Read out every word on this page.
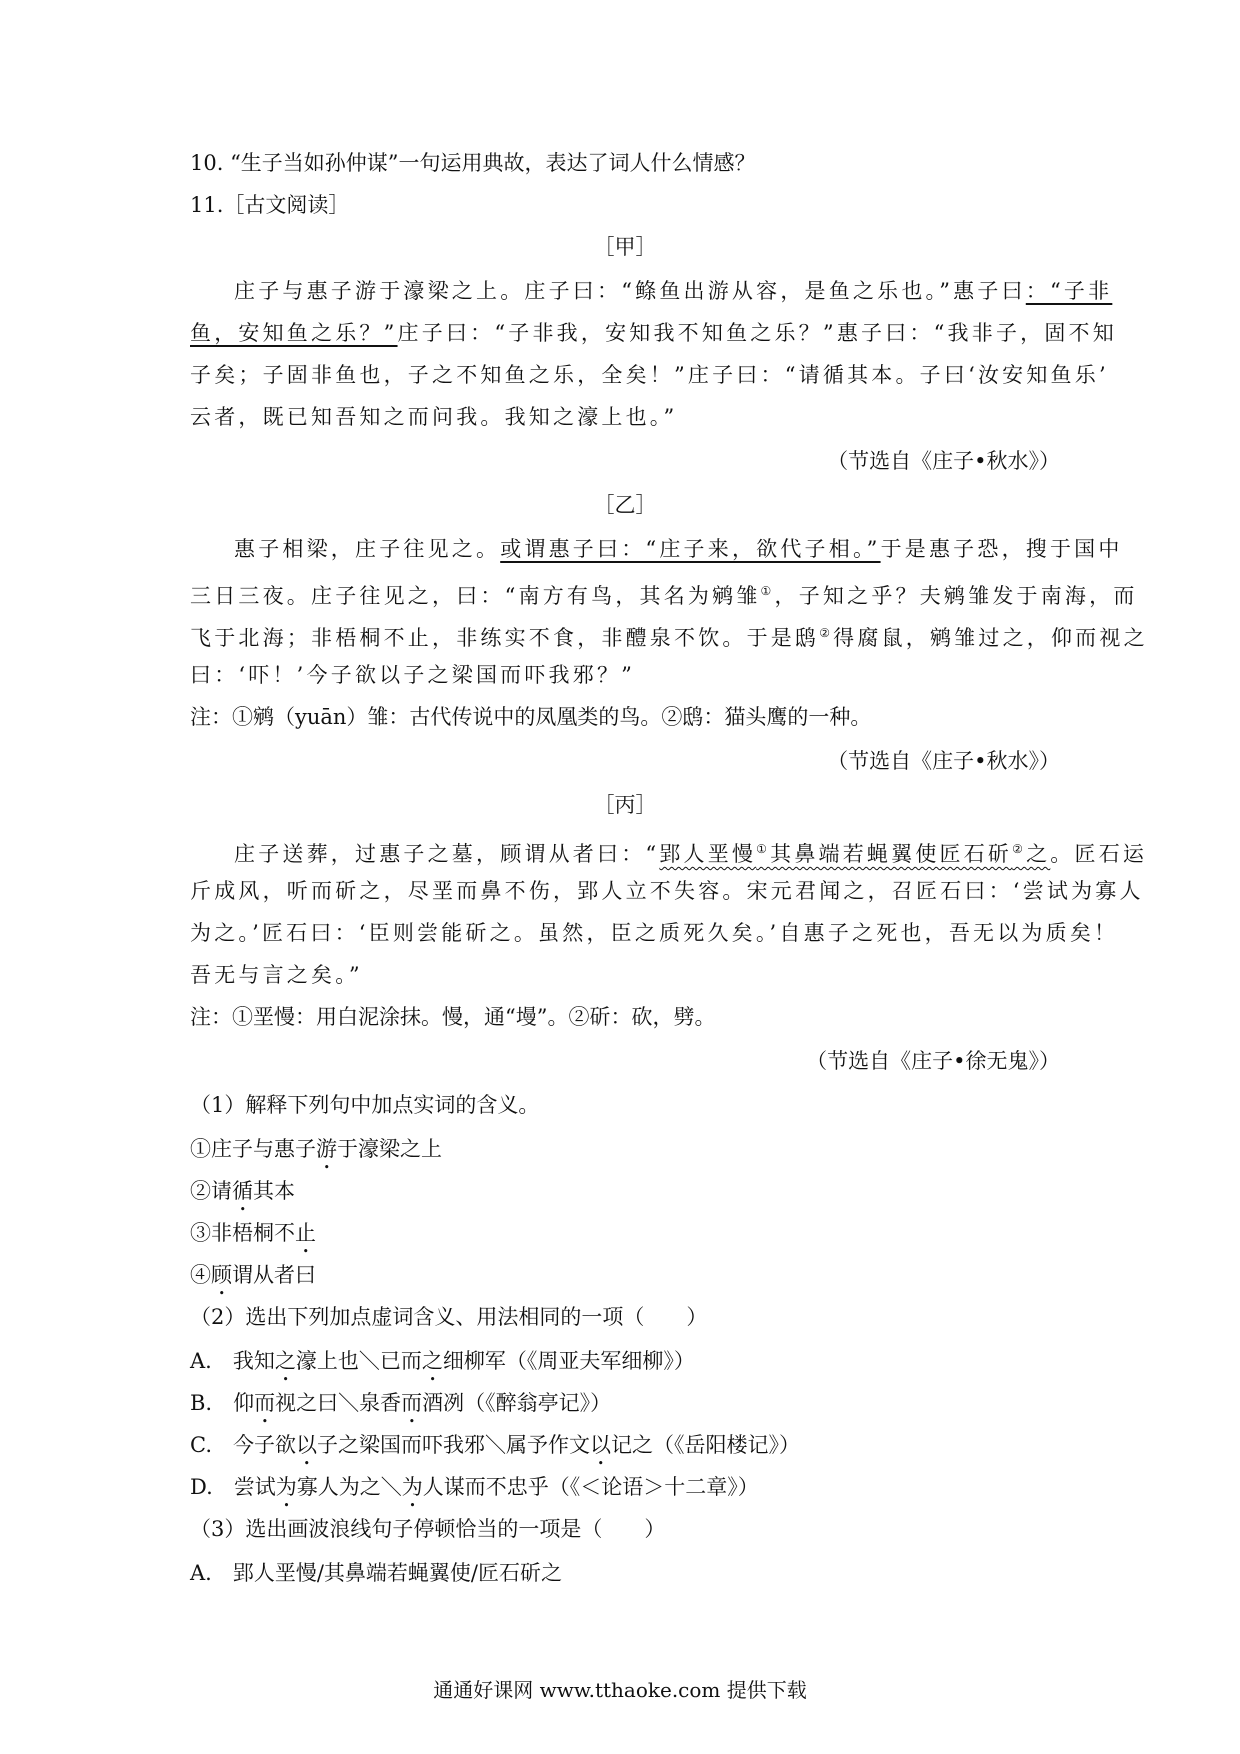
10. “生子当如孙仲谋”一句运用典故，表达了词人什么情感？
11.［古文阅读］
［甲］
庄子与惠子游于濠梁之上。庄子曰：“鲦鱼出游从容，是鱼之乐也。”惠子曰：“子非
鱼，安知鱼之乐？”庄子曰：“子非我，安知我不知鱼之乐？”惠子曰：“我非子，固不知
子矣；子固非鱼也，子之不知鱼之乐，全矣！”庄子曰：“请循其本。子曰‘汝安知鱼乐’
云者，既已知吾知之而问我。我知之濠上也。”
（节选自《庄子•秋水》）
［乙］
惠子相梁，庄子往见之。或谓惠子曰：“庄子来，欲代子相。”于是惠子恐，搜于国中
三日三夜。庄子往见之，曰：“南方有鸟，其名为鹓雏①，子知之乎？夫鹓雏发于南海，而
飞于北海；非梧桐不止，非练实不食，非醴泉不饮。于是鸱②得腐鼠，鹓雏过之，仰而视之
曰：‘吓！’今子欲以子之梁国而吓我邪？”
注：①鹓（yuān）雏：古代传说中的凤凰类的鸟。②鸱：猫头鹰的一种。
（节选自《庄子•秋水》）
［丙］
庄子送葬，过惠子之墓，顾谓从者曰：“郢人垩慢①其鼻端若蝇翼使匠石斫②之。匠石运
斤成风，听而斫之，尽垩而鼻不伤，郢人立不失容。宋元君闻之，召匠石曰：‘尝试为寡人
为之。’匠石曰：‘臣则尝能斫之。虽然，臣之质死久矣。’自惠子之死也，吾无以为质矣！
吾无与言之矣。”
注：①垩慢：用白泥涂抹。慢，通“墁”。②斫：砍，劈。
（节选自《庄子•徐无鬼》）
（1）解释下列句中加点实词的含义。
①庄子与惠子游于濠梁之上
②请循其本
③非梧桐不止
④顾谓从者曰
（2）选出下列加点虚词含义、用法相同的一项（　　）
A.　我知之濠上也＼已而之细柳军（《周亚夫军细柳》）
B.　仰而视之曰＼泉香而酒冽（《醉翁亭记》）
C.　今子欲以子之梁国而吓我邪＼属予作文以记之（《岳阳楼记》）
D.　尝试为寡人为之＼为人谋而不忠乎（《＜论语＞十二章》）
（3）选出画波浪线句子停顿恰当的一项是（　　）
A.　郢人垩慢/其鼻端若蝇翼使/匠石斫之
通通好课网 www.tthaoke.com 提供下载
